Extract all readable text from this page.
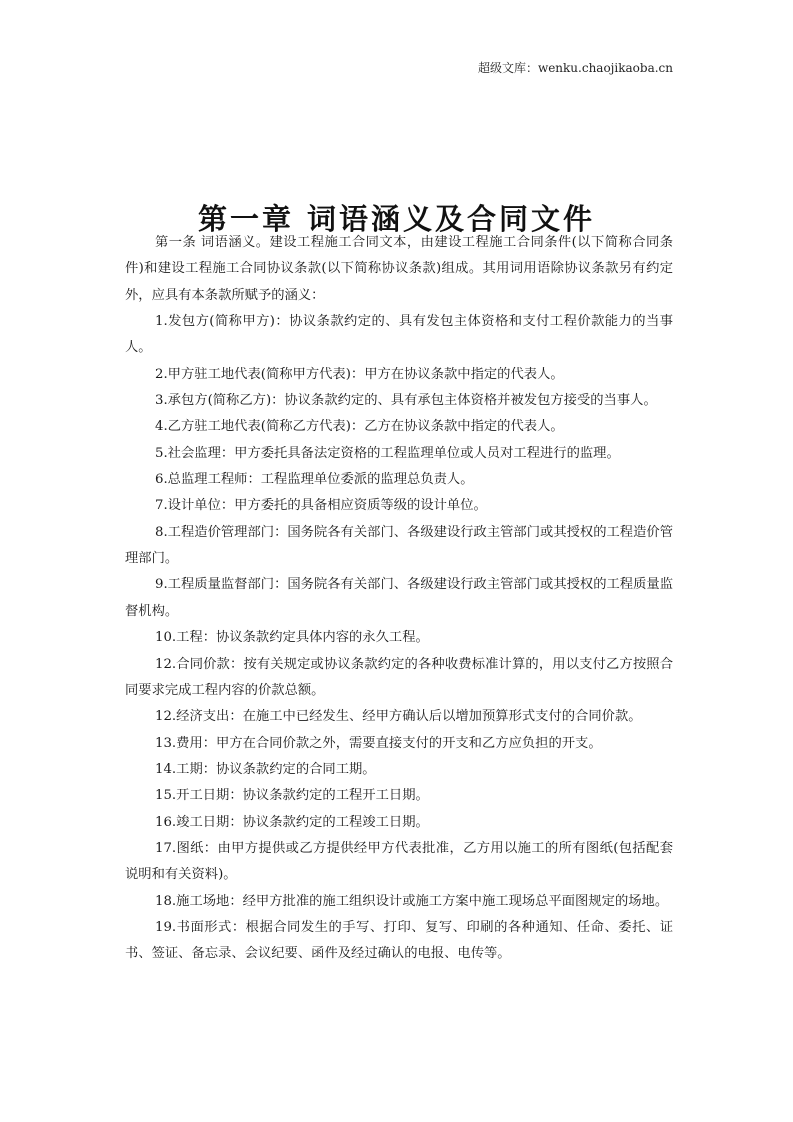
超级文库：wenku.chaojikaoba.cn
第一章 词语涵义及合同文件

第一条 词语涵义。建设工程施工合同文本，由建设工程施工合同条件(以下简称合同条件)和建设工程施工合同协议条款(以下简称协议条款)组成。其用词用语除协议条款另有约定外，应具有本条款所赋予的涵义：

1.发包方(简称甲方)：协议条款约定的、具有发包主体资格和支付工程价款能力的当事人。

2.甲方驻工地代表(简称甲方代表)：甲方在协议条款中指定的代表人。

3.承包方(简称乙方)：协议条款约定的、具有承包主体资格并被发包方接受的当事人。

4.乙方驻工地代表(简称乙方代表)：乙方在协议条款中指定的代表人。

5.社会监理：甲方委托具备法定资格的工程监理单位或人员对工程进行的监理。

6.总监理工程师：工程监理单位委派的监理总负责人。

7.设计单位：甲方委托的具备相应资质等级的设计单位。

8.工程造价管理部门：国务院各有关部门、各级建设行政主管部门或其授权的工程造价管理部门。

9.工程质量监督部门：国务院各有关部门、各级建设行政主管部门或其授权的工程质量监督机构。

10.工程：协议条款约定具体内容的永久工程。

12.合同价款：按有关规定或协议条款约定的各种收费标准计算的，用以支付乙方按照合同要求完成工程内容的价款总额。

12.经济支出：在施工中已经发生、经甲方确认后以增加预算形式支付的合同价款。

13.费用：甲方在合同价款之外，需要直接支付的开支和乙方应负担的开支。

14.工期：协议条款约定的合同工期。

15.开工日期：协议条款约定的工程开工日期。

16.竣工日期：协议条款约定的工程竣工日期。

17.图纸：由甲方提供或乙方提供经甲方代表批准，乙方用以施工的所有图纸(包括配套说明和有关资料)。

18.施工场地：经甲方批准的施工组织设计或施工方案中施工现场总平面图规定的场地。

19.书面形式：根据合同发生的手写、打印、复写、印刷的各种通知、任命、委托、证书、签证、备忘录、会议纪要、函件及经过确认的电报、电传等。
